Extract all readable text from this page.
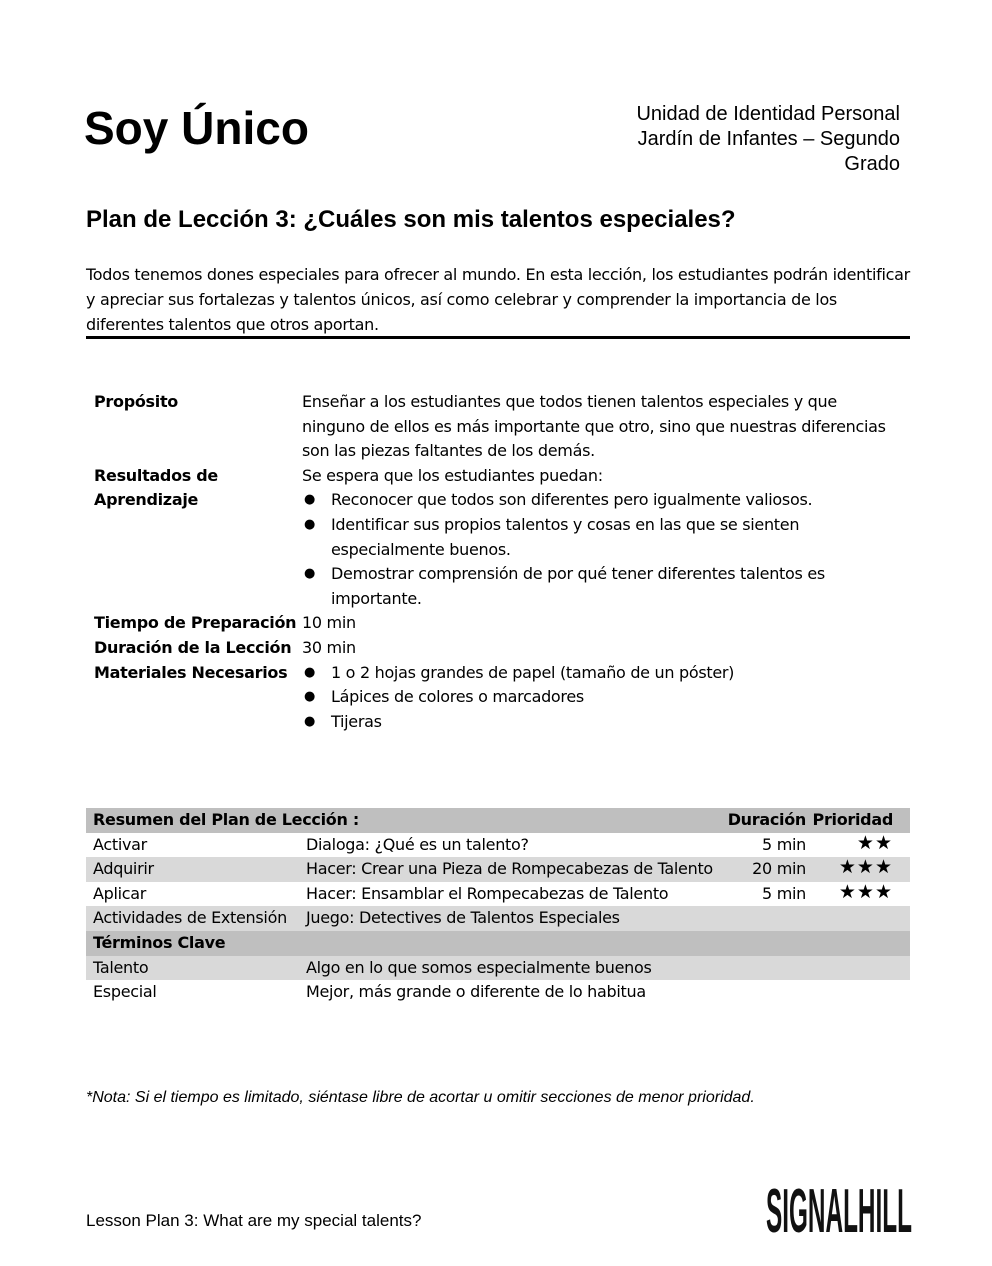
Soy Único	Unidad de Identidad Personal
Jardín de Infantes – Segundo
Grado
Plan de Lección 3: ¿Cuáles son mis talentos especiales?

Todos tenemos dones especiales para ofrecer al mundo. En esta lección, los estudiantes podrán identificar y apreciar sus fortalezas y talentos únicos, así como celebrar y comprender la importancia de los diferentes talentos que otros aportan.

Propósito	Enseñar a los estudiantes que todos tienen talentos especiales y que ninguno de ellos es más importante que otro, sino que nuestras diferencias son las piezas faltantes de los demás.
Resultados de Aprendizaje
Se espera que los estudiantes puedan:
● Reconocer que todos son diferentes pero igualmente valiosos.
● Identificar sus propios talentos y cosas en las que se sienten especialmente buenos.
● Demostrar comprensión de por qué tener diferentes talentos es importante.
Tiempo de Preparación 10 min
Duración de la Lección 30 min
Materiales Necesarios
●	1 o 2 hojas grandes de papel (tamaño de un póster)
● Lápices de colores o marcadores
● Tijeras
Resumen del Plan de Lección :	Duración Prioridad
Activar	Dialoga: ¿Qué es un talento?	5 min	★★
Adquirir	Hacer: Crear una Pieza de Rompecabezas de Talento	20 min	★★★
Aplicar	Hacer: Ensamblar el Rompecabezas de Talento	5 min	★★★
Actividades de Extensión	Juego: Detectives de Talentos Especiales
Términos Clave
Talento	Algo en lo que somos especialmente buenos
Especial	Mejor, más grande o diferente de lo habitua

*Nota: Si el tiempo es limitado, siéntase libre de acortar u omitir secciones de menor prioridad.

Lesson Plan 3: What are my special talents?	SIGNALHILL
